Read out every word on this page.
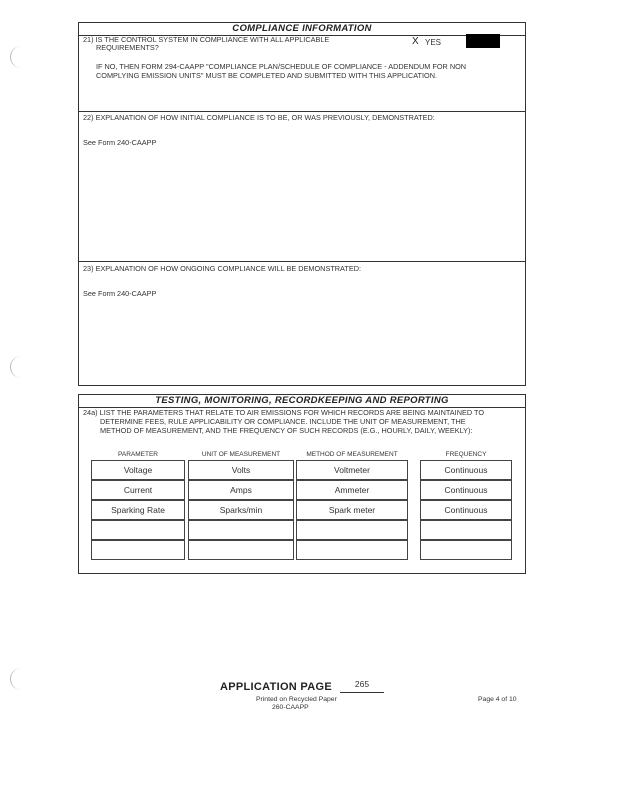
COMPLIANCE INFORMATION
21) IS THE CONTROL SYSTEM IN COMPLIANCE WITH ALL APPLICABLE
REQUIREMENTS?
X YES
IF NO, THEN FORM 294-CAAPP "COMPLIANCE PLAN/SCHEDULE OF COMPLIANCE - ADDENDUM FOR NON
COMPLYING EMISSION UNITS" MUST BE COMPLETED AND SUBMITTED WITH THIS APPLICATION.
22) EXPLANATION OF HOW INITIAL COMPLIANCE IS TO BE, OR WAS PREVIOUSLY, DEMONSTRATED:
See Form 240-CAAPP
23) EXPLANATION OF HOW ONGOING COMPLIANCE WILL BE DEMONSTRATED:
See Form 240-CAAPP
TESTING, MONITORING, RECORDKEEPING AND REPORTING
24a) LIST THE PARAMETERS THAT RELATE TO AIR EMISSIONS FOR WHICH RECORDS ARE BEING MAINTAINED TO
DETERMINE FEES, RULE APPLICABILITY OR COMPLIANCE. INCLUDE THE UNIT OF MEASUREMENT, THE
METHOD OF MEASUREMENT, AND THE FREQUENCY OF SUCH RECORDS (E.G., HOURLY, DAILY, WEEKLY):
PARAMETER	UNIT OF MEASUREMENT	METHOD OF MEASUREMENT	FREQUENCY
Voltage	Volts	Voltmeter	Continuous
Current	Amps	Ammeter	Continuous
Sparking Rate	Sparks/min	Spark meter	Continuous
APPLICATION PAGE	265
Printed on Recycled Paper
260-CAAPP
Page 4 of 10
